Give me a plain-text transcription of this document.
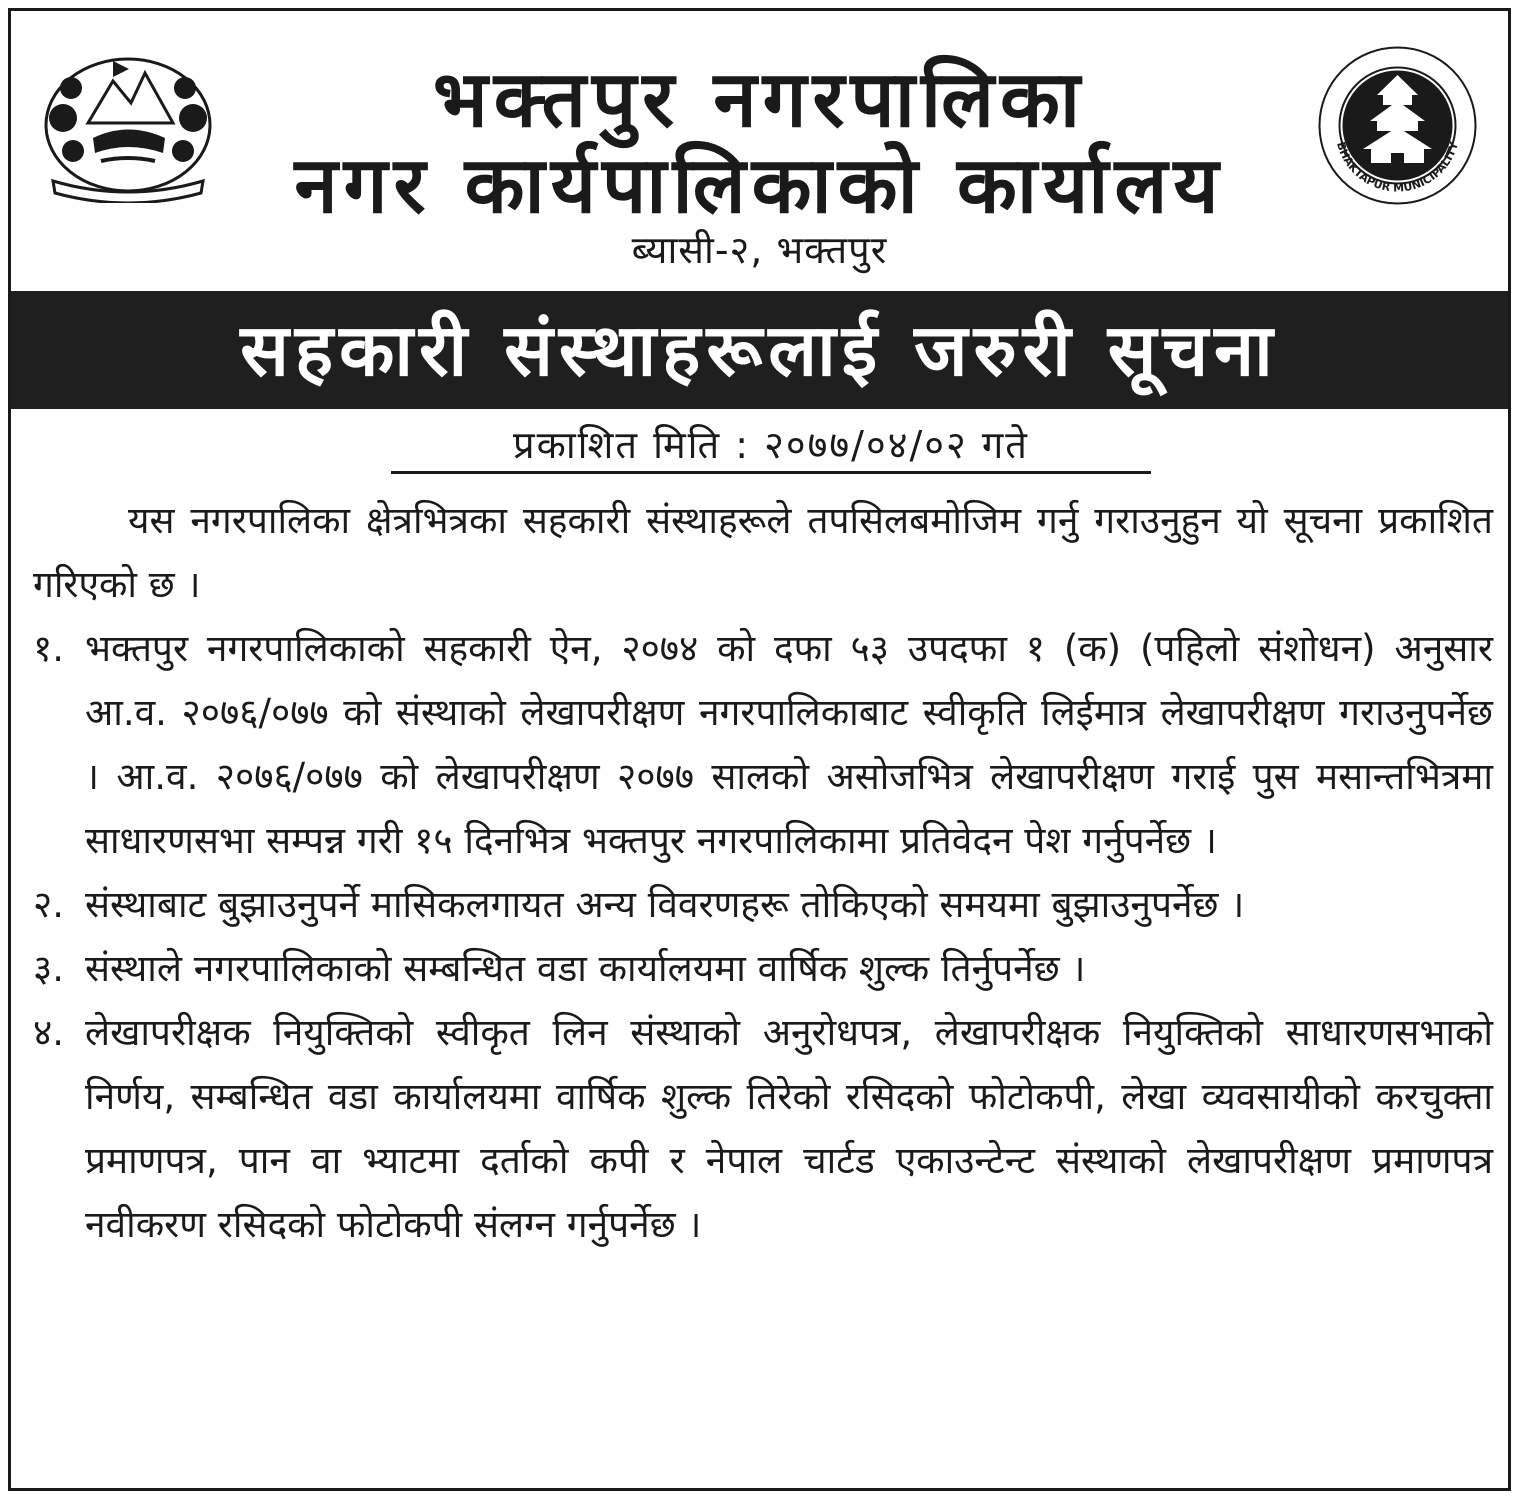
भक्तपुर नगरपालिका
नगर कार्यपालिकाको कार्यालय
ब्यासी-२, भक्तपुर
BHAKTAPUR MUNICIPALITY
सहकारी संस्थाहरूलाई जरुरी सूचना
प्रकाशित मिति : २०७७/०४/०२ गते

यस नगरपालिका क्षेत्रभित्रका सहकारी संस्थाहरूले तपसिलबमोजिम गर्नु गराउनुहुन यो सूचना प्रकाशित गरिएको छ ।

१. भक्तपुर नगरपालिकाको सहकारी ऐन, २०७४ को दफा ५३ उपदफा १ (क) (पहिलो संशोधन) अनुसार आ.व. २०७६/०७७ को संस्थाको लेखापरीक्षण नगरपालिकाबाट स्वीकृति लिईमात्र लेखापरीक्षण गराउनुपर्नेछ । आ.व. २०७६/०७७ को लेखापरीक्षण २०७७ सालको असोजभित्र लेखापरीक्षण गराई पुस मसान्तभित्रमा साधारणसभा सम्पन्न गरी १५ दिनभित्र भक्तपुर नगरपालिकामा प्रतिवेदन पेश गर्नुपर्नेछ ।
२. संस्थाबाट बुझाउनुपर्ने मासिकलगायत अन्य विवरणहरू तोकिएको समयमा बुझाउनुपर्नेछ ।
३. संस्थाले नगरपालिकाको सम्बन्धित वडा कार्यालयमा वार्षिक शुल्क तिर्नुपर्नेछ ।
४. लेखापरीक्षक नियुक्तिको स्वीकृत लिन संस्थाको अनुरोधपत्र, लेखापरीक्षक नियुक्तिको साधारणसभाको निर्णय, सम्बन्धित वडा कार्यालयमा वार्षिक शुल्क तिरेको रसिदको फोटोकपी, लेखा व्यवसायीको करचुक्ता प्रमाणपत्र, पान वा भ्याटमा दर्ताको कपी र नेपाल चार्टड एकाउन्टेन्ट संस्थाको लेखापरीक्षण प्रमाणपत्र नवीकरण रसिदको फोटोकपी संलग्न गर्नुपर्नेछ ।
